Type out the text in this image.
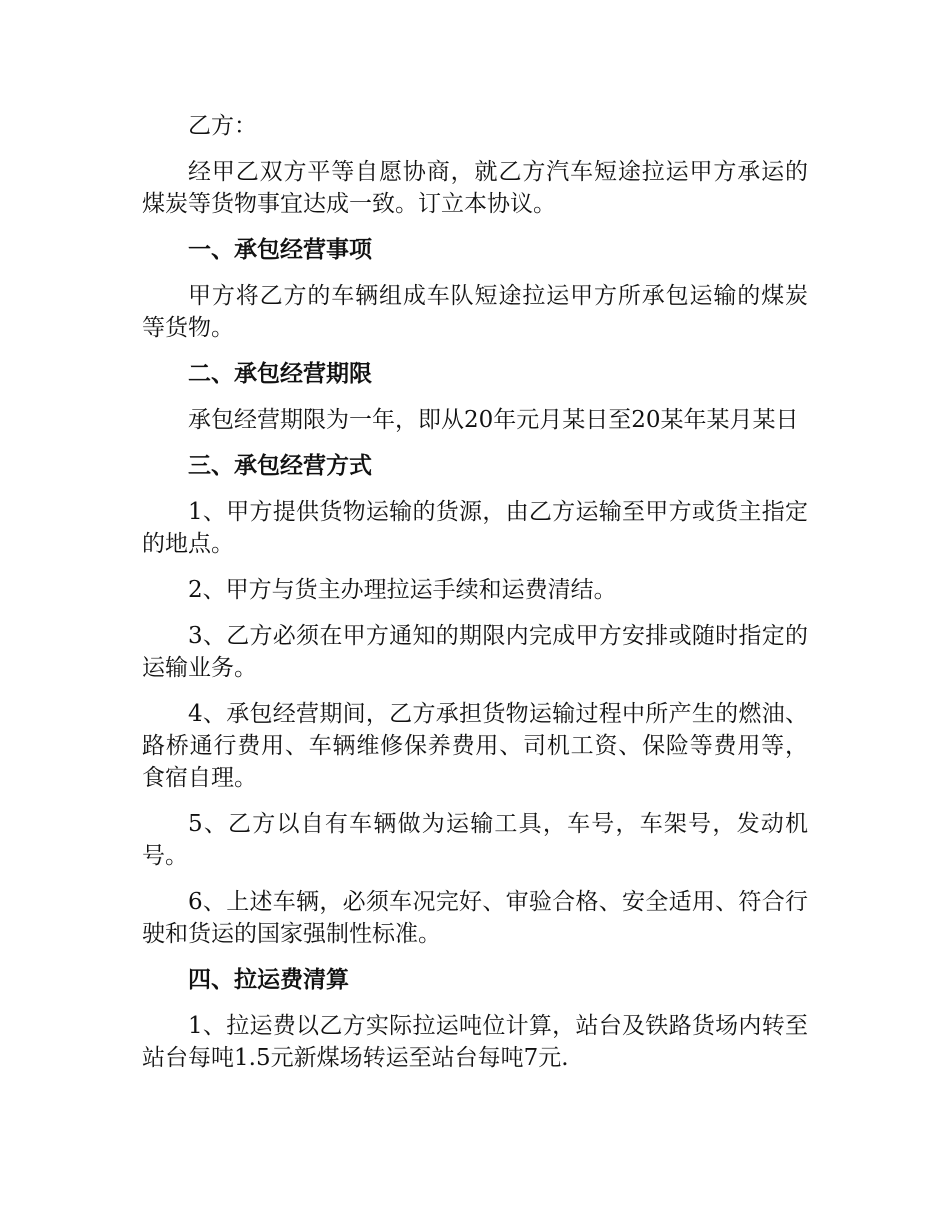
乙方：

经甲乙双方平等自愿协商，就乙方汽车短途拉运甲方承运的煤炭等货物事宜达成一致。订立本协议。

一、承包经营事项

甲方将乙方的车辆组成车队短途拉运甲方所承包运输的煤炭等货物。

二、承包经营期限

承包经营期限为一年，即从20年元月某日至20某年某月某日

三、承包经营方式

1、甲方提供货物运输的货源，由乙方运输至甲方或货主指定的地点。

2、甲方与货主办理拉运手续和运费清结。

3、乙方必须在甲方通知的期限内完成甲方安排或随时指定的运输业务。

4、承包经营期间，乙方承担货物运输过程中所产生的燃油、路桥通行费用、车辆维修保养费用、司机工资、保险等费用等，食宿自理。

5、乙方以自有车辆做为运输工具，车号，车架号，发动机号。

6、上述车辆，必须车况完好、审验合格、安全适用、符合行驶和货运的国家强制性标准。

四、拉运费清算

1、拉运费以乙方实际拉运吨位计算，站台及铁路货场内转至站台每吨1.5元新煤场转运至站台每吨7元.
